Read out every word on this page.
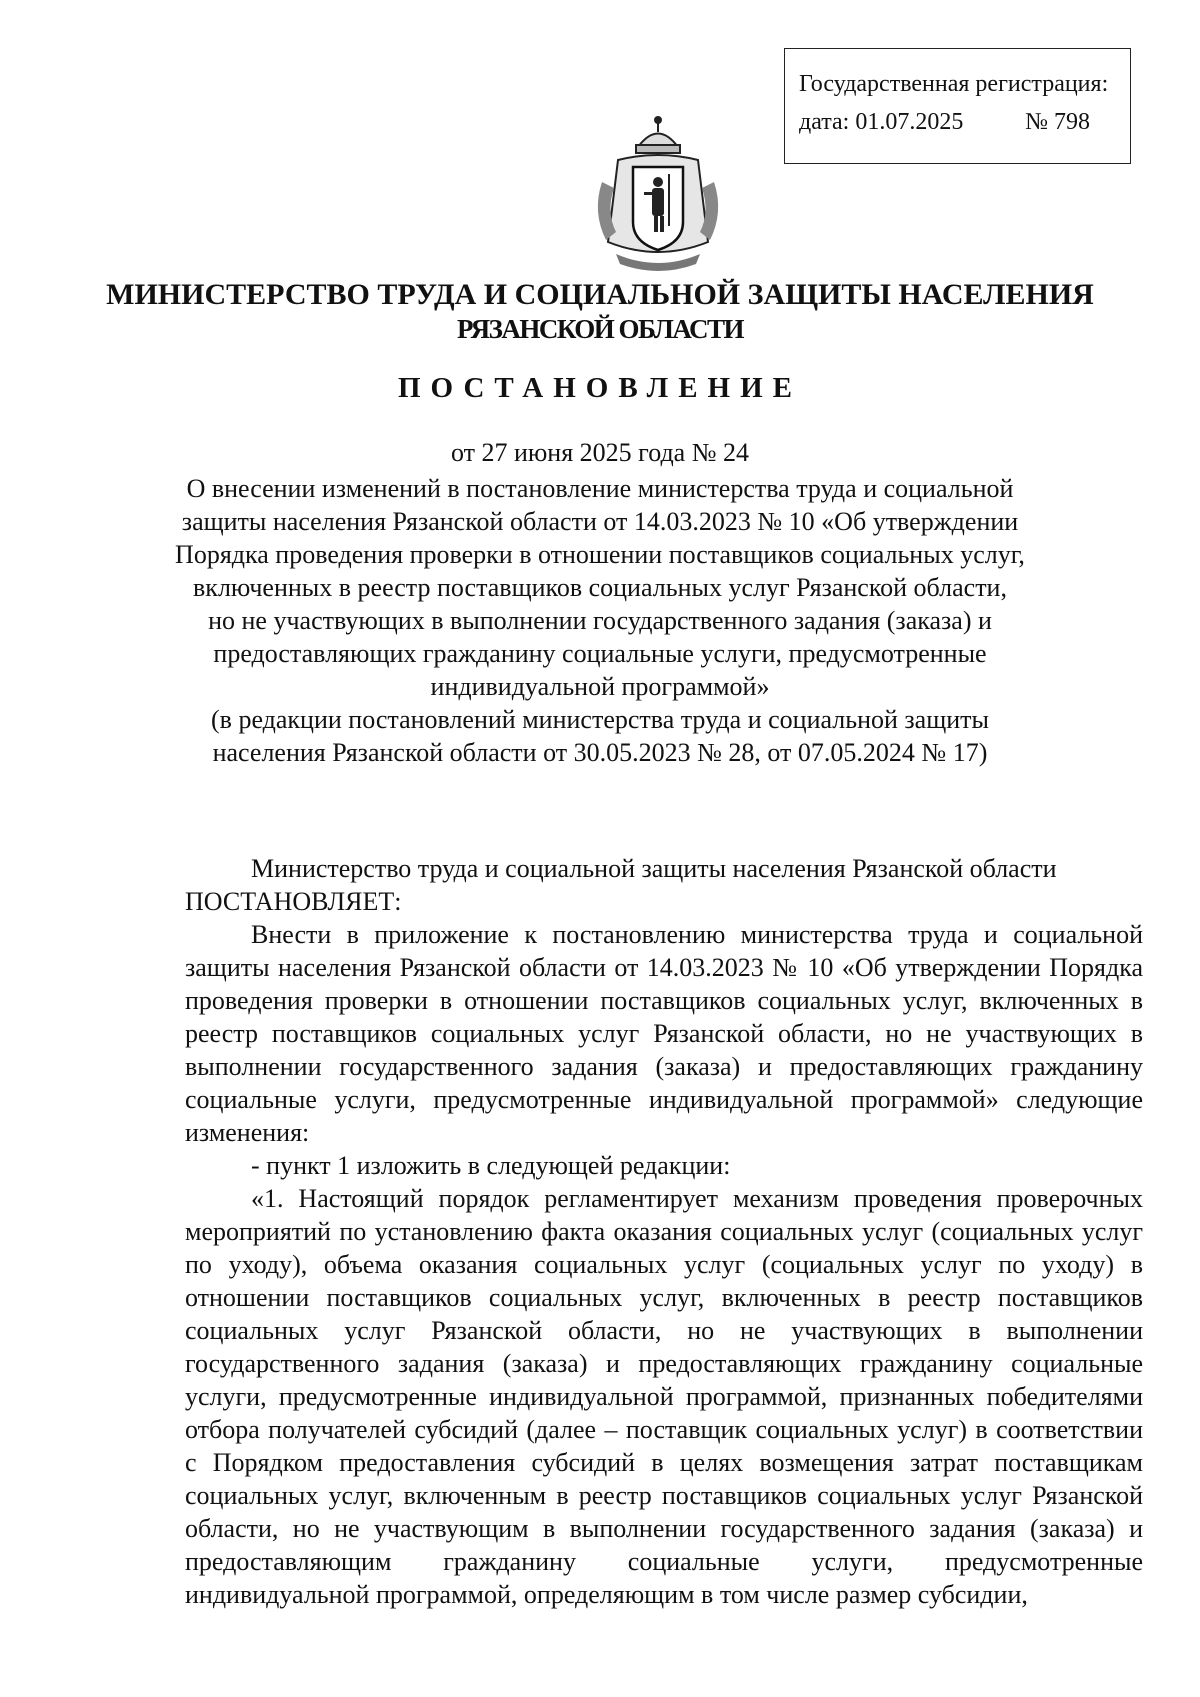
Государственная регистрация:
дата: 01.07.2025	№ 798
МИНИСТЕРСТВО ТРУДА И СОЦИАЛЬНОЙ ЗАЩИТЫ НАСЕЛЕНИЯ
РЯЗАНСКОЙ ОБЛАСТИ
ПОСТАНОВЛЕНИЕ
от 27 июня 2025 года № 24
О внесении изменений в постановление министерства труда и социальной
защиты населения Рязанской области от 14.03.2023 № 10 «Об утверждении
Порядка проведения проверки в отношении поставщиков социальных услуг,
включенных в реестр поставщиков социальных услуг Рязанской области,
но не участвующих в выполнении государственного задания (заказа) и
предоставляющих гражданину социальные услуги, предусмотренные
индивидуальной программой»
(в редакции постановлений министерства труда и социальной защиты
населения Рязанской области от 30.05.2023 № 28, от 07.05.2024 № 17)

Министерство труда и социальной защиты населения Рязанской области

ПОСТАНОВЛЯЕТ:

Внести в приложение к постановлению министерства труда и социальной защиты населения Рязанской области от 14.03.2023 № 10 «Об утверждении Порядка проведения проверки в отношении поставщиков социальных услуг, включенных в реестр поставщиков социальных услуг Рязанской области, но не участвующих в выполнении государственного задания (заказа) и предоставляющих гражданину социальные услуги, предусмотренные индивидуальной программой» следующие изменения:

- пункт 1 изложить в следующей редакции:

«1. Настоящий порядок регламентирует механизм проведения проверочных мероприятий по установлению факта оказания социальных услуг (социальных услуг по уходу), объема оказания социальных услуг (социальных услуг по уходу) в отношении поставщиков социальных услуг, включенных в реестр поставщиков социальных услуг Рязанской области, но не участвующих в выполнении государственного задания (заказа) и предоставляющих гражданину социальные услуги, предусмотренные индивидуальной программой, признанных победителями отбора получателей субсидий (далее – поставщик социальных услуг) в соответствии с Порядком предоставления субсидий в целях возмещения затрат поставщикам социальных услуг, включенным в реестр поставщиков социальных услуг Рязанской области, но не участвующим в выполнении государственного задания (заказа) и предоставляющим гражданину социальные услуги, предусмотренные индивидуальной программой, определяющим в том числе размер субсидии,
